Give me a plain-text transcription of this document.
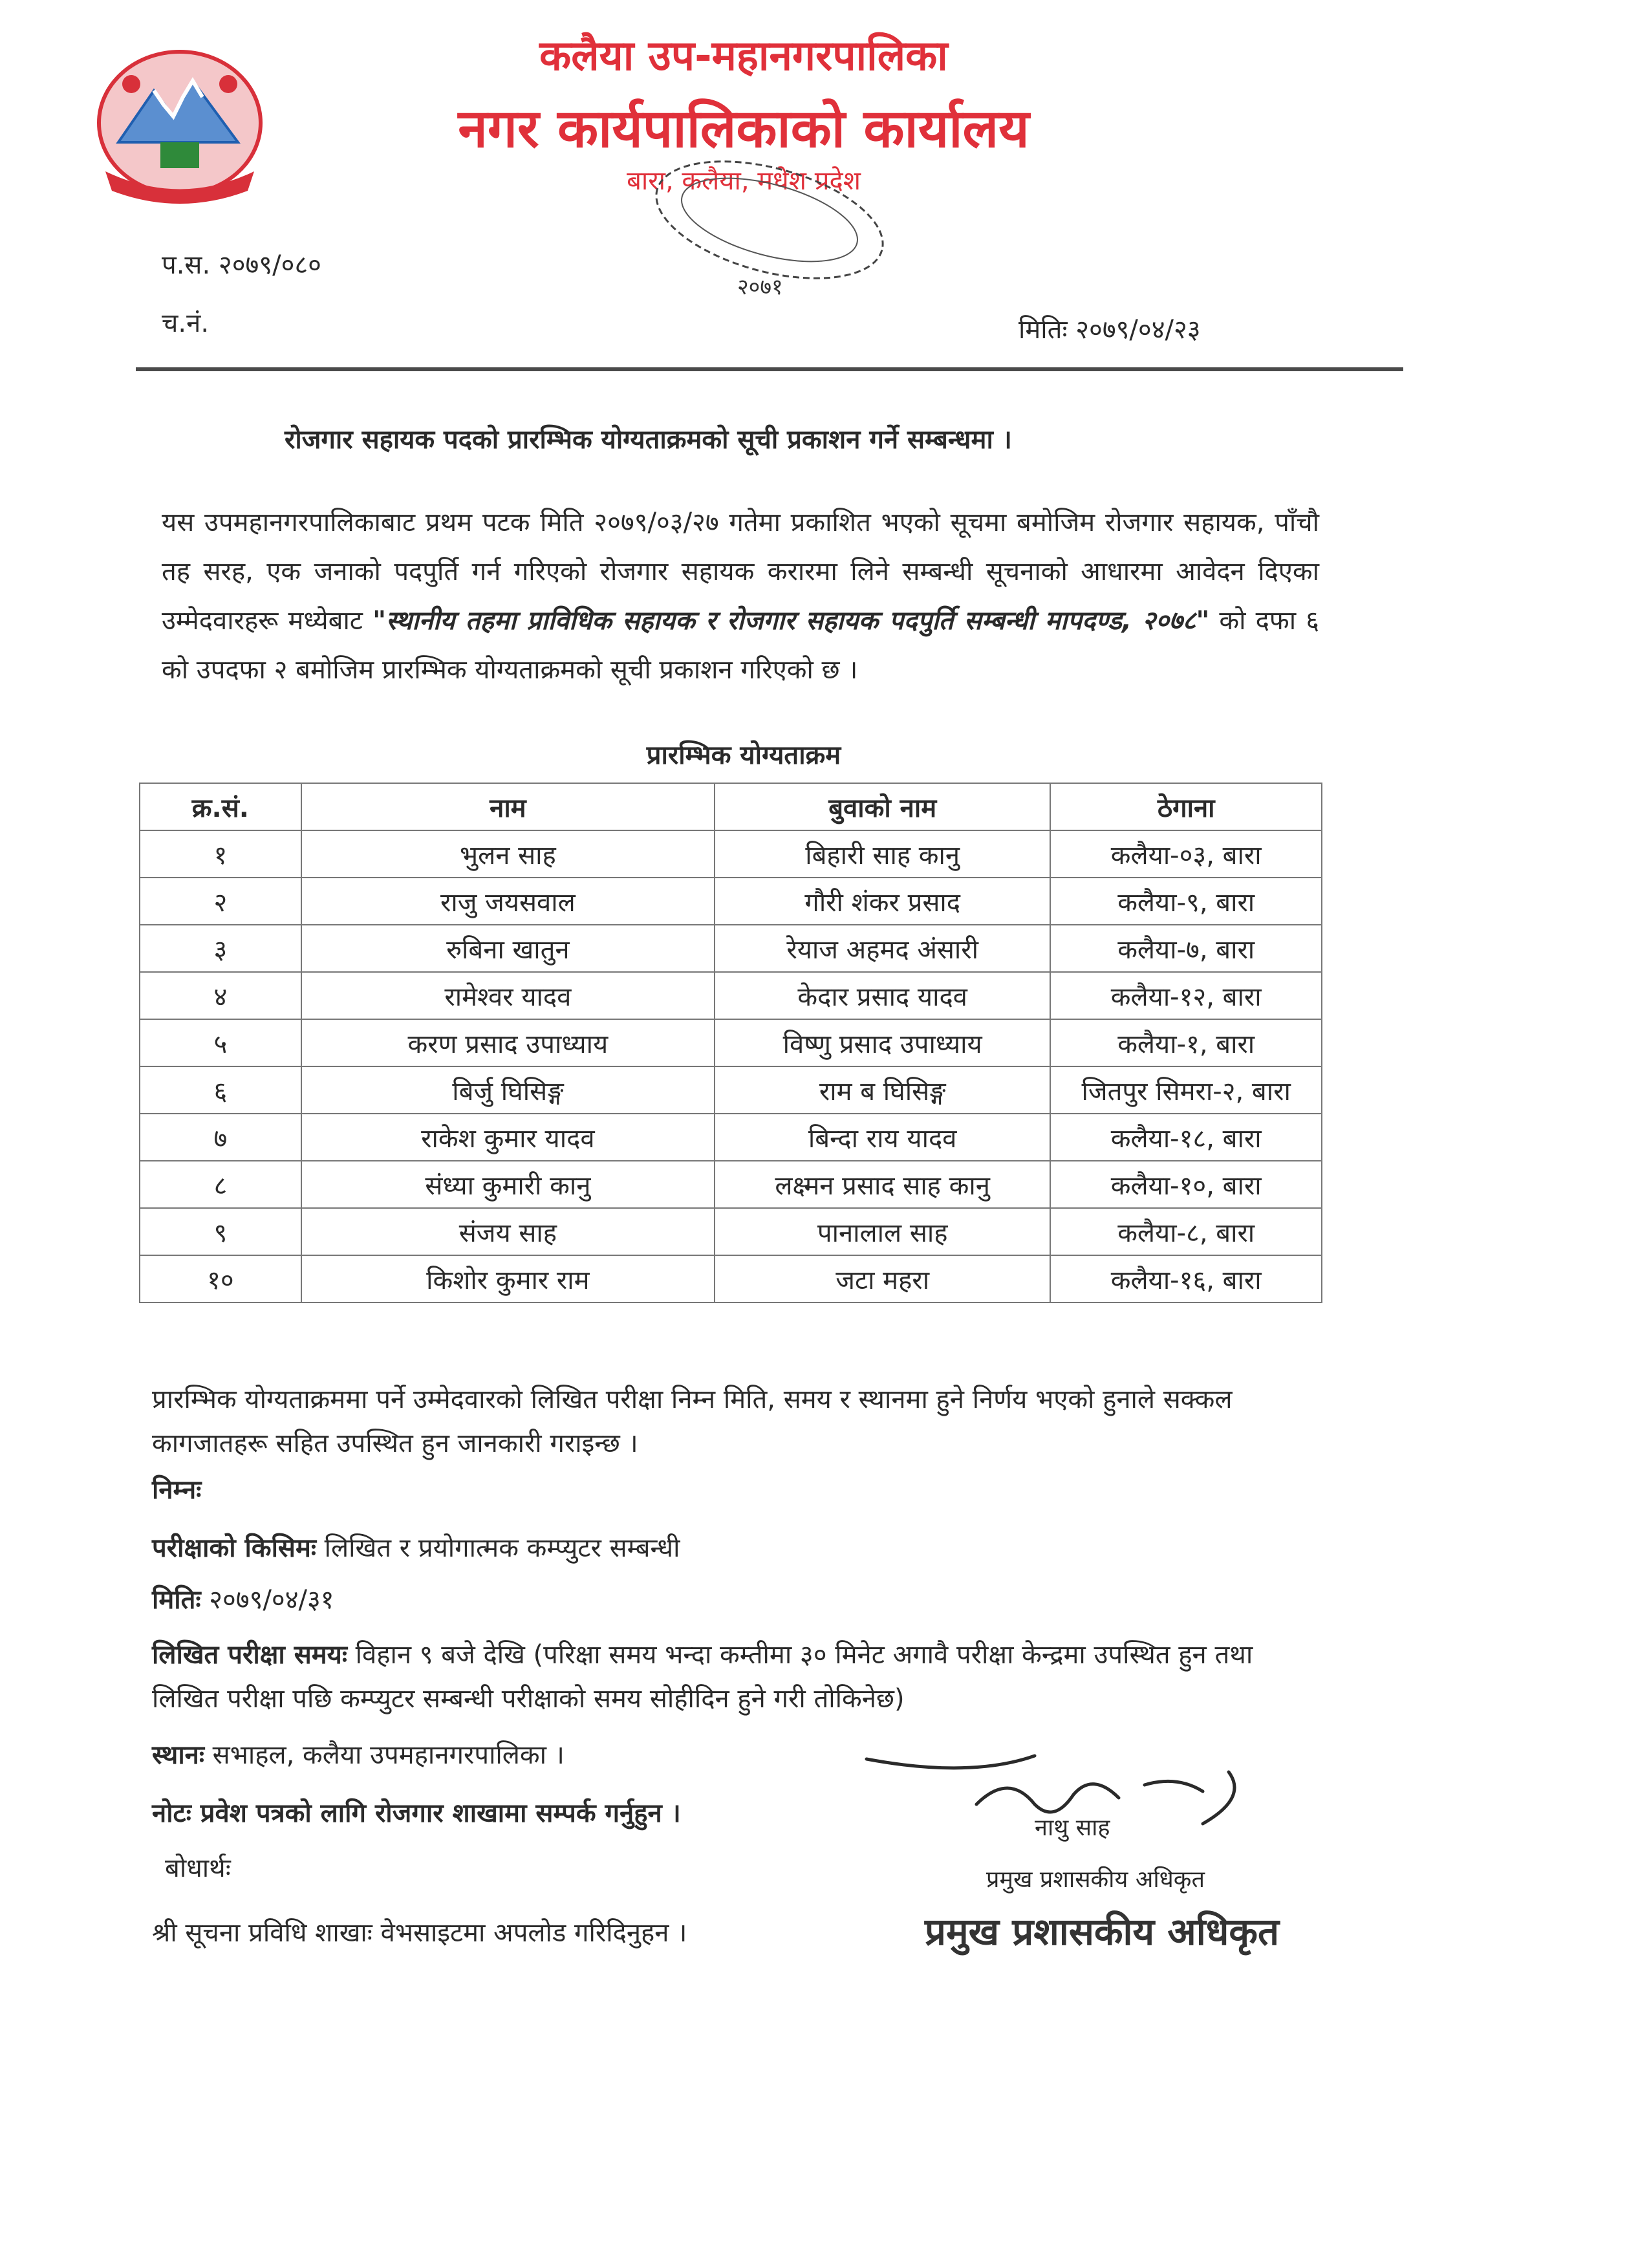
कलैया उप-महानगरपालिका
नगर कार्यपालिकाको कार्यालय
बारा, कलैया, मधेश प्रदेश
२०७१
प.स. २०७९/०८०
च.नं.	मितिः २०७९/०४/२३
रोजगार सहायक पदको प्रारम्भिक योग्यताक्रमको सूची प्रकाशन गर्ने सम्बन्धमा ।
यस उपमहानगरपालिकाबाट प्रथम पटक मिति २०७९/०३/२७ गतेमा प्रकाशित भएको सूचमा बमोजिम रोजगार सहायक, पाँचौ तह सरह, एक जनाको पदपुर्ति गर्न गरिएको रोजगार सहायक करारमा लिने सम्बन्धी सूचनाको आधारमा आवेदन दिएका उम्मेदवारहरू मध्येबाट "स्थानीय तहमा प्राविधिक सहायक र रोजगार सहायक पदपुर्ति सम्बन्धी मापदण्ड, २०७८" को दफा ६ को उपदफा २ बमोजिम प्रारम्भिक योग्यताक्रमको सूची प्रकाशन गरिएको छ ।
प्रारम्भिक योग्यताक्रम
क्र.सं.	नाम	बुवाको नाम	ठेगाना
१	भुलन साह	बिहारी साह कानु	कलैया-०३, बारा
२	राजु जयसवाल	गौरी शंकर प्रसाद	कलैया-९, बारा
३	रुबिना खातुन	रेयाज अहमद अंसारी	कलैया-७, बारा
४	रामेश्वर यादव	केदार प्रसाद यादव	कलैया-१२, बारा
५	करण प्रसाद उपाध्याय	विष्णु प्रसाद उपाध्याय	कलैया-१, बारा
६	बिर्जु घिसिङ्ग	राम ब घिसिङ्ग	जितपुर सिमरा-२, बारा
७	राकेश कुमार यादव	बिन्दा राय यादव	कलैया-१८, बारा
८	संध्या कुमारी कानु	लक्ष्मन प्रसाद साह कानु	कलैया-१०, बारा
९	संजय साह	पानालाल साह	कलैया-८, बारा
१०	किशोर कुमार राम	जटा महरा	कलैया-१६, बारा
प्रारम्भिक योग्यताक्रममा पर्ने उम्मेदवारको लिखित परीक्षा निम्न मिति, समय र स्थानमा हुने निर्णय भएको हुनाले सक्कल कागजातहरू सहित उपस्थित हुन जानकारी गराइन्छ ।
निम्नः
परीक्षाको किसिमः लिखित र प्रयोगात्मक कम्प्युटर सम्बन्धी
मितिः २०७९/०४/३१
लिखित परीक्षा समयः विहान ९ बजे देखि (परिक्षा समय भन्दा कम्तीमा ३० मिनेट अगावै परीक्षा केन्द्रमा उपस्थित हुन तथा लिखित परीक्षा पछि कम्प्युटर सम्बन्धी परीक्षाको समय सोहीदिन हुने गरी तोकिनेछ)
स्थानः सभाहल, कलैया उपमहानगरपालिका ।
नोटः प्रवेश पत्रको लागि रोजगार शाखामा सम्पर्क गर्नुहुन ।
बोधार्थः
श्री सूचना प्रविधि शाखाः वेभसाइटमा अपलोड गरिदिनुहन ।
नाथु साह
प्रमुख प्रशासकीय अधिकृत
प्रमुख प्रशासकीय अधिकृत
